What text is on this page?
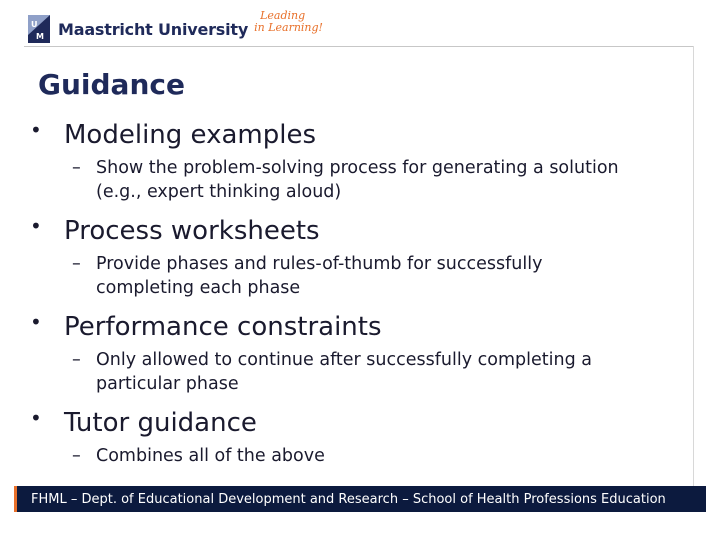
U
M Maastricht University
Leading
in Learning!
Guidance
• Modeling examples
– Show the problem-solving process for generating a solution
(e.g., expert thinking aloud)
• Process worksheets
– Provide phases and rules-of-thumb for successfully
completing each phase
• Performance constraints
– Only allowed to continue after successfully completing a
particular phase
• Tutor guidance
– Combines all of the above
FHML – Dept. of Educational Development and Research – School of Health Professions Education
